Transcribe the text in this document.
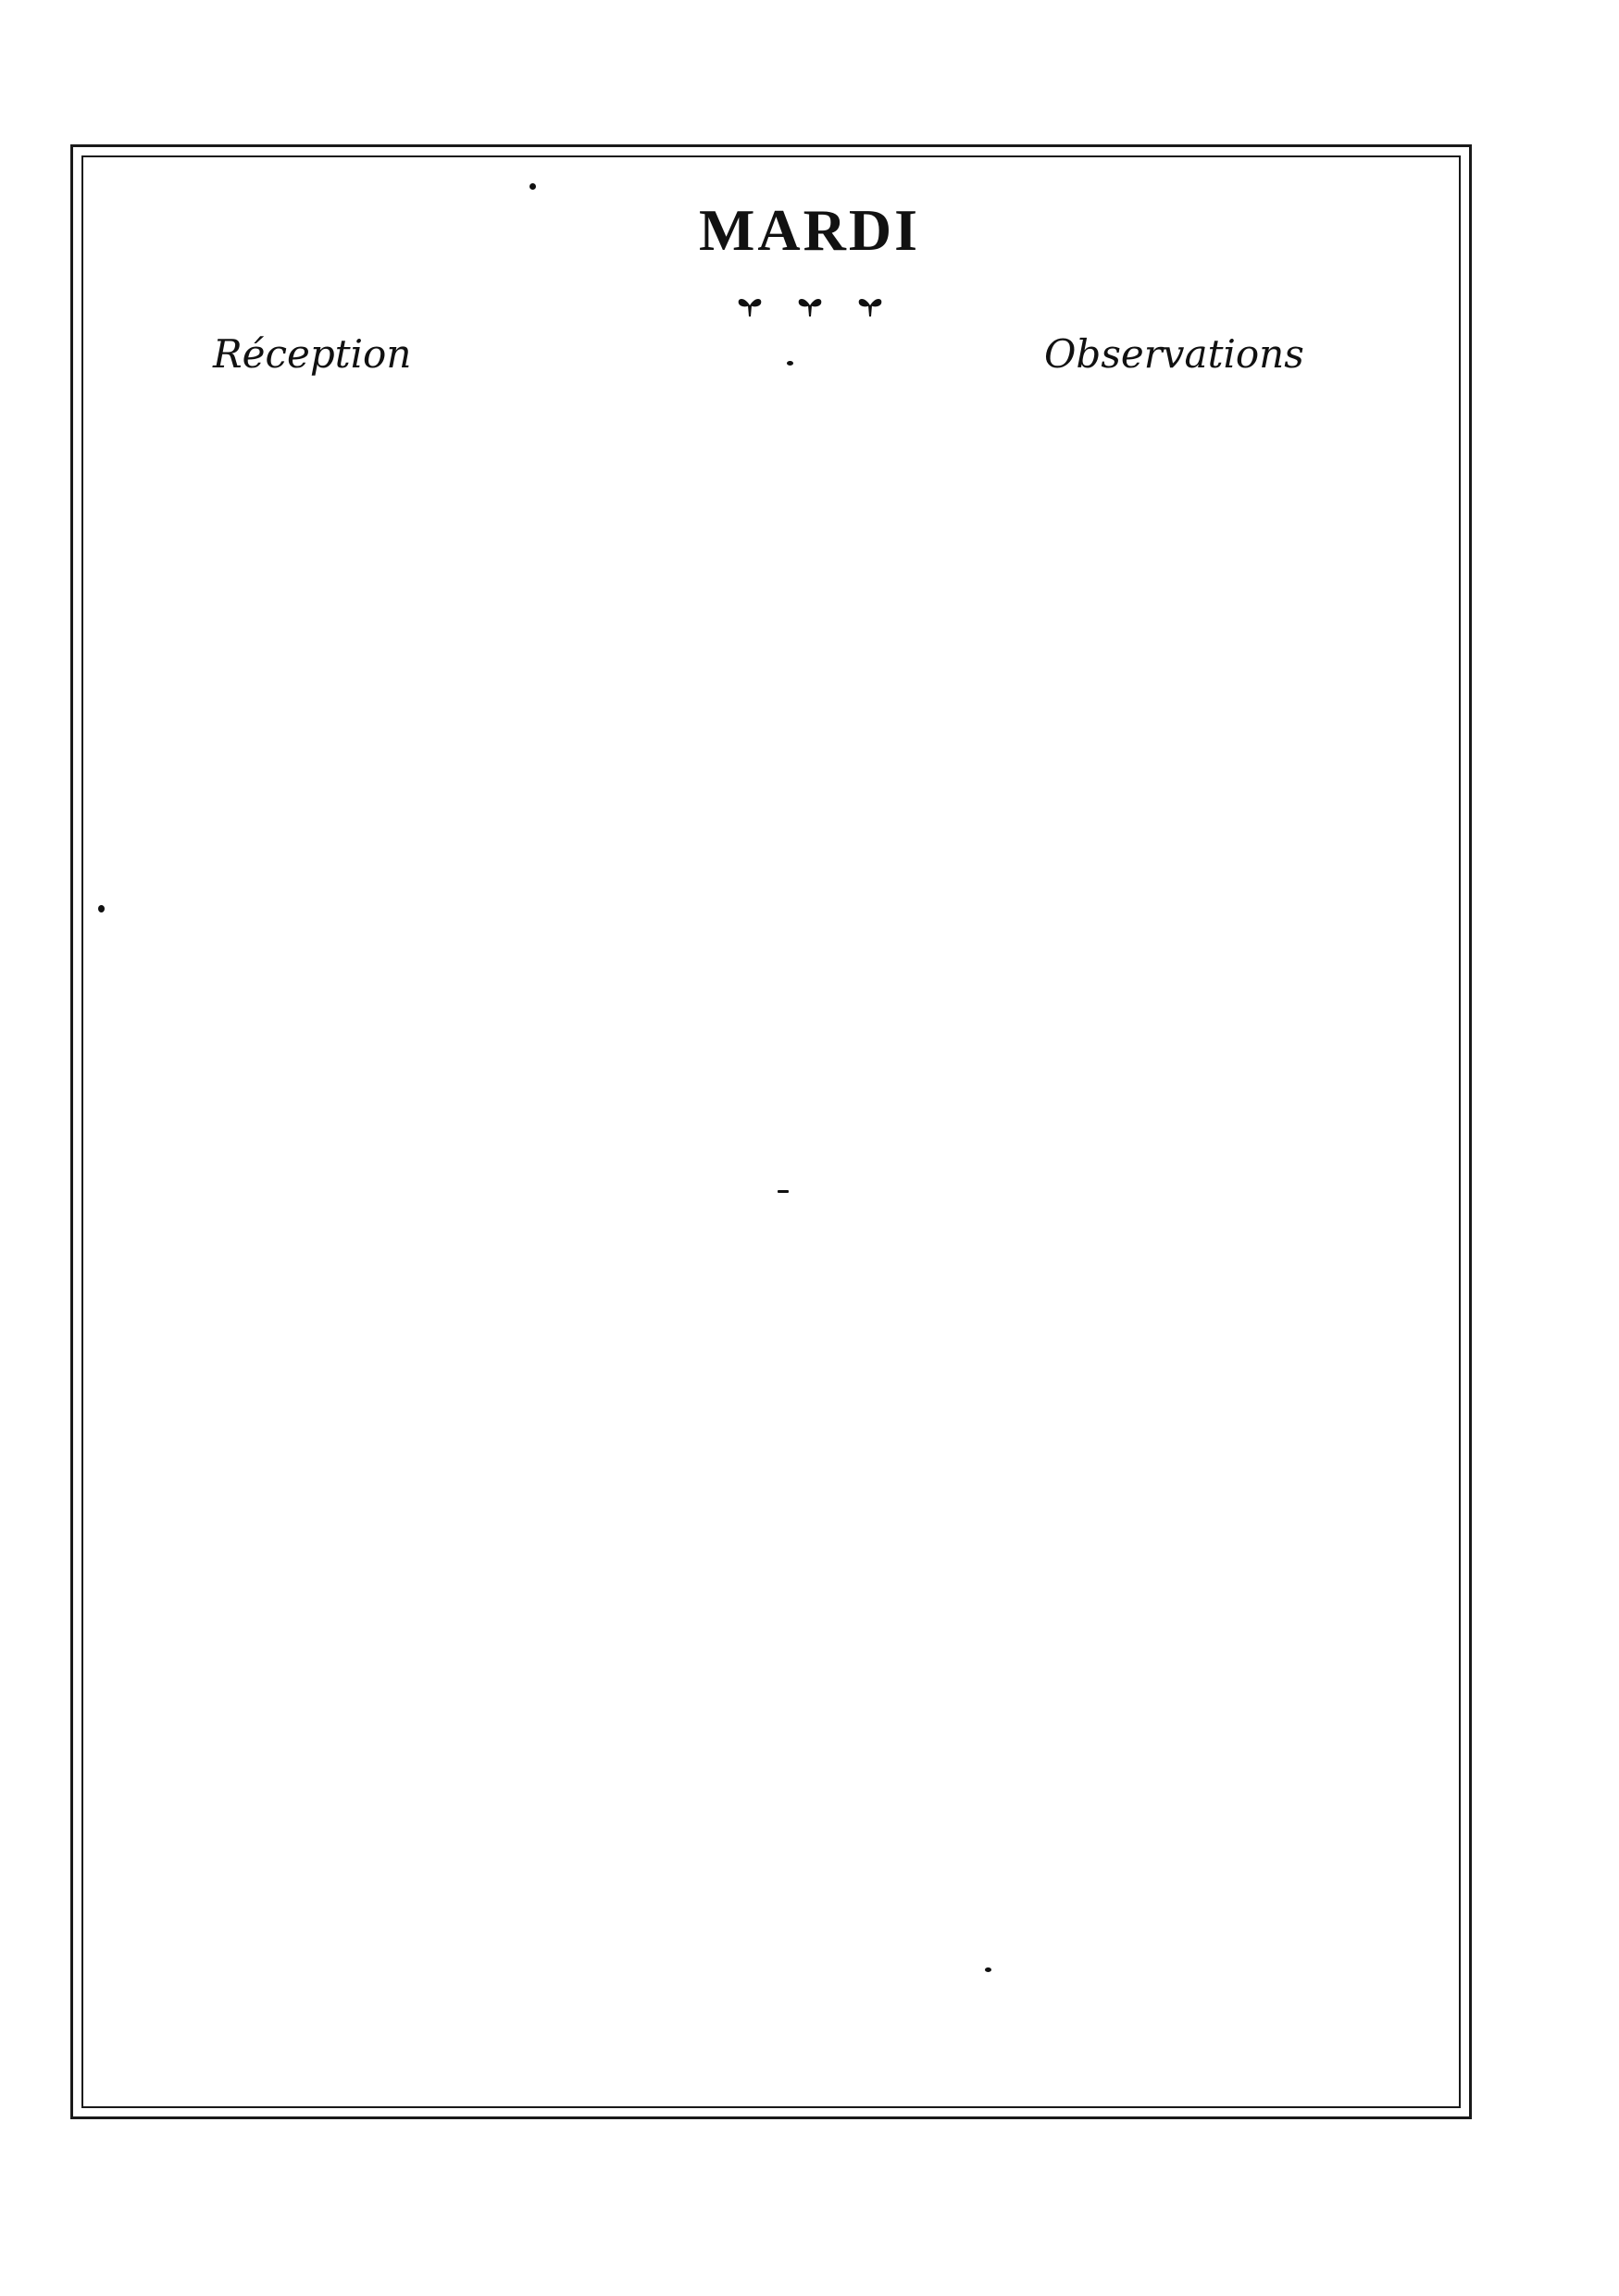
MARDI
Réception	Observations
